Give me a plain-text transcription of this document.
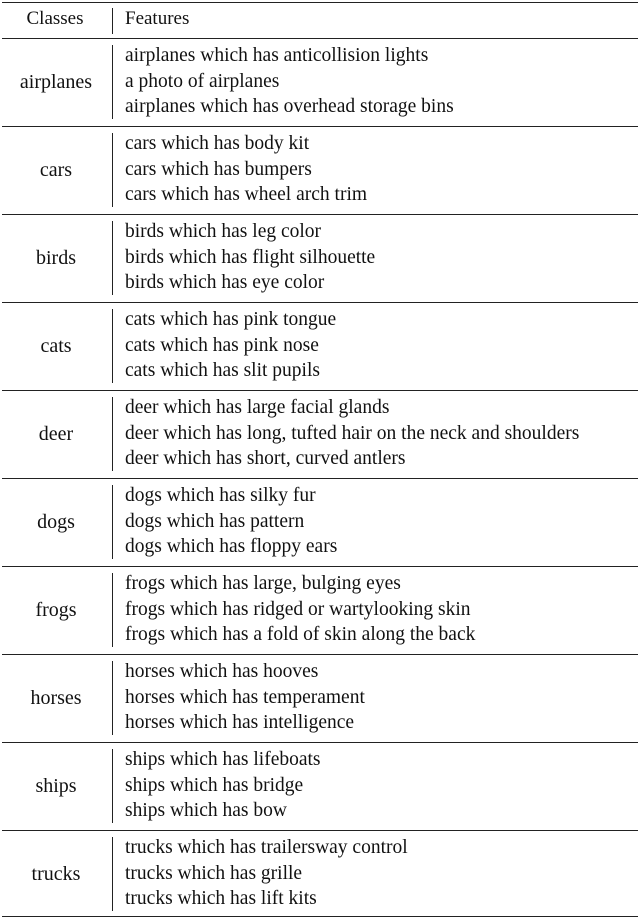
Classes	Features
airplanes
airplanes which has anticollision lights
a photo of airplanes
airplanes which has overhead storage bins
cars
cars which has body kit
cars which has bumpers
cars which has wheel arch trim
birds
birds which has leg color
birds which has flight silhouette
birds which has eye color
cats
cats which has pink tongue
cats which has pink nose
cats which has slit pupils
deer
deer which has large facial glands
deer which has long, tufted hair on the neck and shoulders
deer which has short, curved antlers
dogs
dogs which has silky fur
dogs which has pattern
dogs which has floppy ears
frogs
frogs which has large, bulging eyes
frogs which has ridged or wartylooking skin
frogs which has a fold of skin along the back
horses
horses which has hooves
horses which has temperament
horses which has intelligence
ships
ships which has lifeboats
ships which has bridge
ships which has bow
trucks
trucks which has trailersway control
trucks which has grille
trucks which has lift kits
